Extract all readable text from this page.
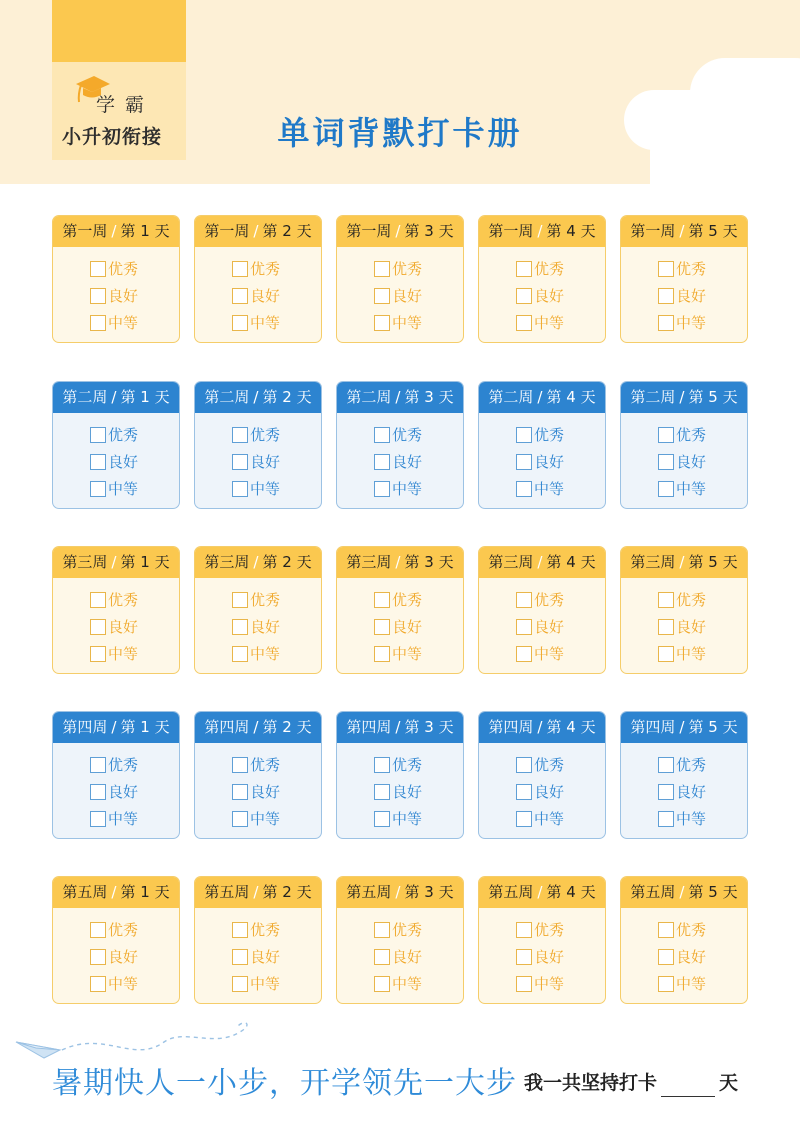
学 霸
小升初衔接	单词背默打卡册
第一周 / 第 1 天
优秀
良好
中等
第一周 / 第 2 天
优秀
良好
中等
第一周 / 第 3 天
优秀
良好
中等
第一周 / 第 4 天
优秀
良好
中等
第一周 / 第 5 天
优秀
良好
中等
第二周 / 第 1 天
优秀
良好
中等
第二周 / 第 2 天
优秀
良好
中等
第二周 / 第 3 天
优秀
良好
中等
第二周 / 第 4 天
优秀
良好
中等
第二周 / 第 5 天
优秀
良好
中等
第三周 / 第 1 天
优秀
良好
中等
第三周 / 第 2 天
优秀
良好
中等
第三周 / 第 3 天
优秀
良好
中等
第三周 / 第 4 天
优秀
良好
中等
第三周 / 第 5 天
优秀
良好
中等
第四周 / 第 1 天
优秀
良好
中等
第四周 / 第 2 天
优秀
良好
中等
第四周 / 第 3 天
优秀
良好
中等
第四周 / 第 4 天
优秀
良好
中等
第四周 / 第 5 天
优秀
良好
中等
第五周 / 第 1 天
优秀
良好
中等
第五周 / 第 2 天
优秀
良好
中等
第五周 / 第 3 天
优秀
良好
中等
第五周 / 第 4 天
优秀
良好
中等
第五周 / 第 5 天
优秀
良好
中等
暑期快人一小步，开学领先一大步 我一共坚持打卡	天
